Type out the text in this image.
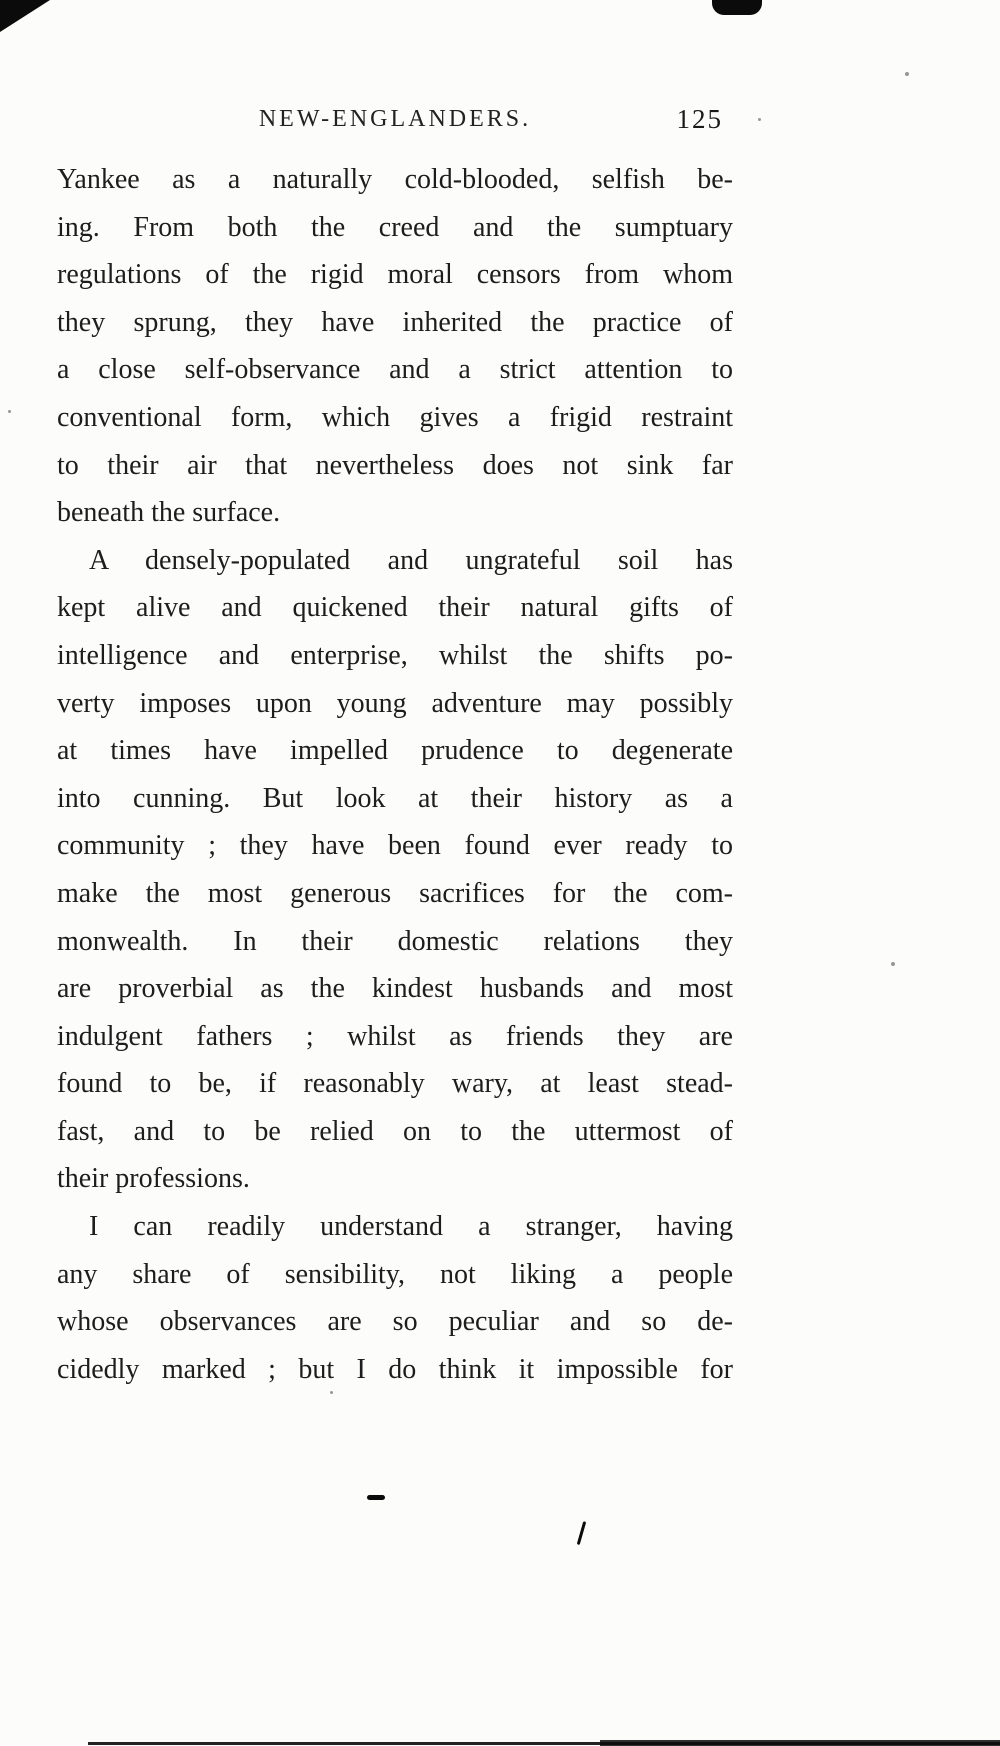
NEW-ENGLANDERS.	125
Yankee as a naturally cold-blooded, selfish be-
ing. From both the creed and the sumptuary
regulations of the rigid moral censors from whom
they sprung, they have inherited the practice of
a close self-observance and a strict attention to
conventional form, which gives a frigid restraint
to their air that nevertheless does not sink far
beneath the surface.
A densely-populated and ungrateful soil has
kept alive and quickened their natural gifts of
intelligence and enterprise, whilst the shifts po-
verty imposes upon young adventure may possibly
at times have impelled prudence to degenerate
into cunning. But look at their history as a
community ; they have been found ever ready to
make the most generous sacrifices for the com-
monwealth. In their domestic relations they
are proverbial as the kindest husbands and most
indulgent fathers ; whilst as friends they are
found to be, if reasonably wary, at least stead-
fast, and to be relied on to the uttermost of
their professions.
I can readily understand a stranger, having
any share of sensibility, not liking a people
whose observances are so peculiar and so de-
cidedly marked ; but I do think it impossible for
